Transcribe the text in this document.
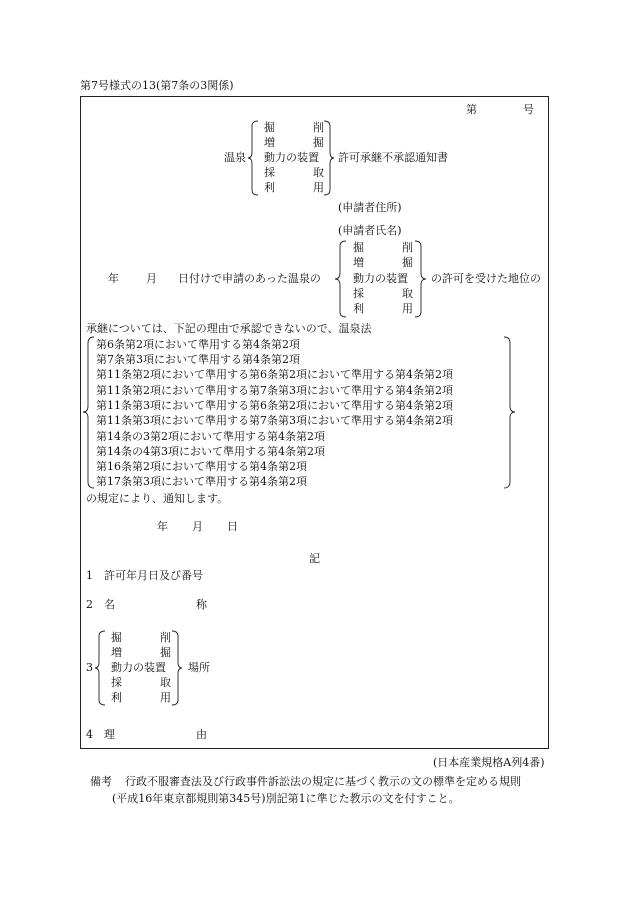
第7号様式の13(第7条の3関係)
第	号
温泉
掘	削
増	掘
動力の装置
採	取
利	用
許可承継不承認通知書
(申請者住所)
(申請者氏名)
年 月 日付けで申請のあった温泉の
掘	削
増	掘
動力の装置
採	取
利	用
の許可を受けた地位の
承継については、下記の理由で承認できないので、温泉法
第6条第2項において準用する第4条第2項
第7条第3項において準用する第4条第2項
第11条第2項において準用する第6条第2項において準用する第4条第2項
第11条第2項において準用する第7条第3項において準用する第4条第2項
第11条第3項において準用する第6条第2項において準用する第4条第2項
第11条第3項において準用する第7条第3項において準用する第4条第2項
第14条の3第2項において準用する第4条第2項
第14条の4第3項において準用する第4条第2項
第16条第2項において準用する第4条第2項
第17条第3項において準用する第4条第2項
の規定により、通知します。
年 月 日
記
1 許可年月日及び番号
2 名	称
3
掘	削
増	掘
動力の装置
採	取
利	用
場所
4 理	由
(日本産業規格A列4番)
備考 行政不服審査法及び行政事件訴訟法の規定に基づく教示の文の標準を定める規則
(平成16年東京都規則第345号)別記第1に準じた教示の文を付すこと。
